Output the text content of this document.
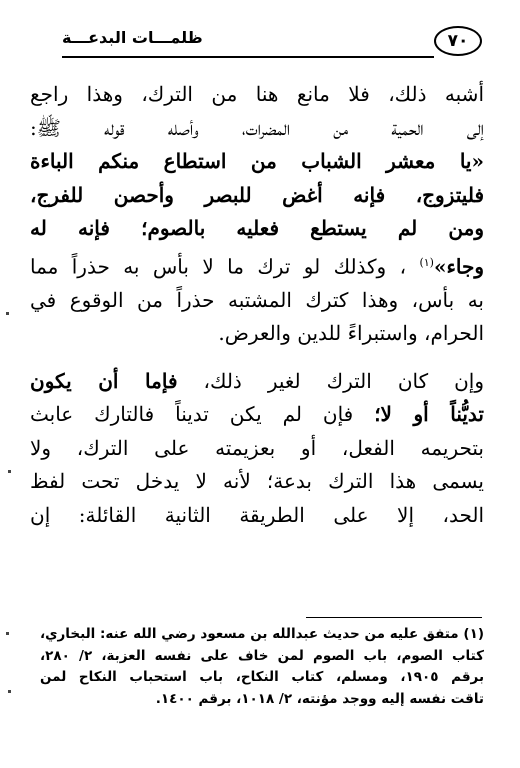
٧٠
ظلمـــات البدعـــة

أشبه ذلك، فلا مانع هنا من الترك، وهذا راجع
إلى الحمية من المضرات، وأصله قوله ﷺ:
«يا معشر الشباب من استطاع منكم الباءة
فليتزوج، فإنه أغض للبصر وأحصن للفرج،
ومن لم يستطع فعليه بالصوم؛ فإنه له
وجاء»$^{(١)}$ ، وكذلك لو ترك ما لا بأس به حذراً مما
به بأس، وهذا كترك المشتبه حذراً من الوقوع في
الحرام، واستبراءً للدين والعرض.

وإن كان الترك لغير ذلك، فإما أن يكون
تديُّناً أو لا؛ فإن لم يكن تديناً فالتارك عابث
بتحريمه الفعل، أو بعزيمته على الترك، ولا
يسمى هذا الترك بدعة؛ لأنه لا يدخل تحت لفظ
الحد، إلا على الطريقة الثانية القائلة: إن

(١) متفق عليه من حديث عبدالله بن مسعود رضي الله عنه: البخاري،
كتاب الصوم، باب الصوم لمن خاف على نفسه العزبة، ٢/ ٢٨٠،
برقم ١٩٠٥، ومسلم، كتاب النكاح، باب استحباب النكاح لمن
تاقت نفسه إليه ووجد مؤنته، ٢/ ١٠١٨، برقم ١٤٠٠.
